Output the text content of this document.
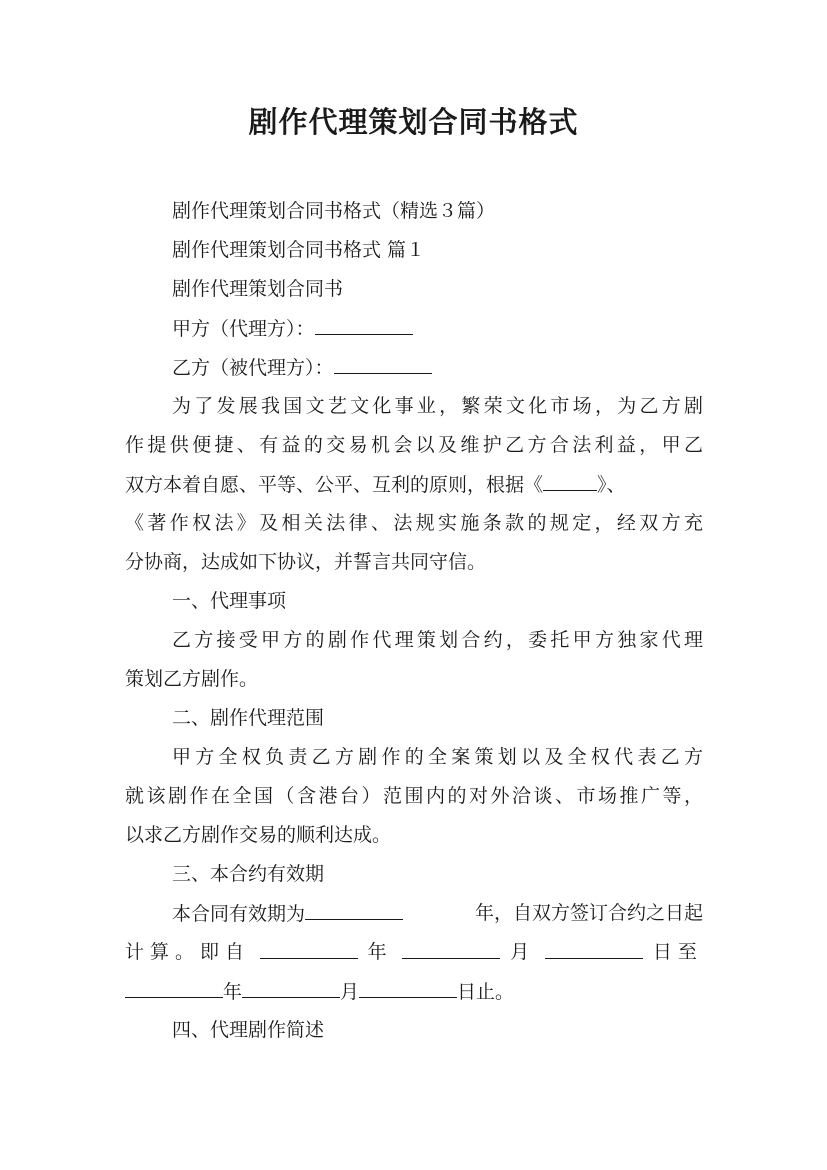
剧作代理策划合同书格式
剧作代理策划合同书格式（精选３篇）
剧作代理策划合同书格式 篇１
剧作代理策划合同书
甲方（代理方）：
乙方（被代理方）：
为了发展我国文艺文化事业，繁荣文化市场，为乙方剧
作提供便捷、有益的交易机会以及维护乙方合法利益，甲乙
双方本着自愿、平等、公平、互利的原则，根据《	》、
《著作权法》及相关法律、法规实施条款的规定，经双方充
分协商，达成如下协议，并誓言共同守信。
一、代理事项
乙方接受甲方的剧作代理策划合约，委托甲方独家代理
策划乙方剧作。
二、剧作代理范围
甲方全权负责乙方剧作的全案策划以及全权代表乙方
就该剧作在全国（含港台）范围内的对外洽谈、市场推广等，
以求乙方剧作交易的顺利达成。
三、本合约有效期
本合同有效期为	年，自双方签订合约之日起
计算。即自	年	月	日至
年	月	日止。
四、代理剧作简述
